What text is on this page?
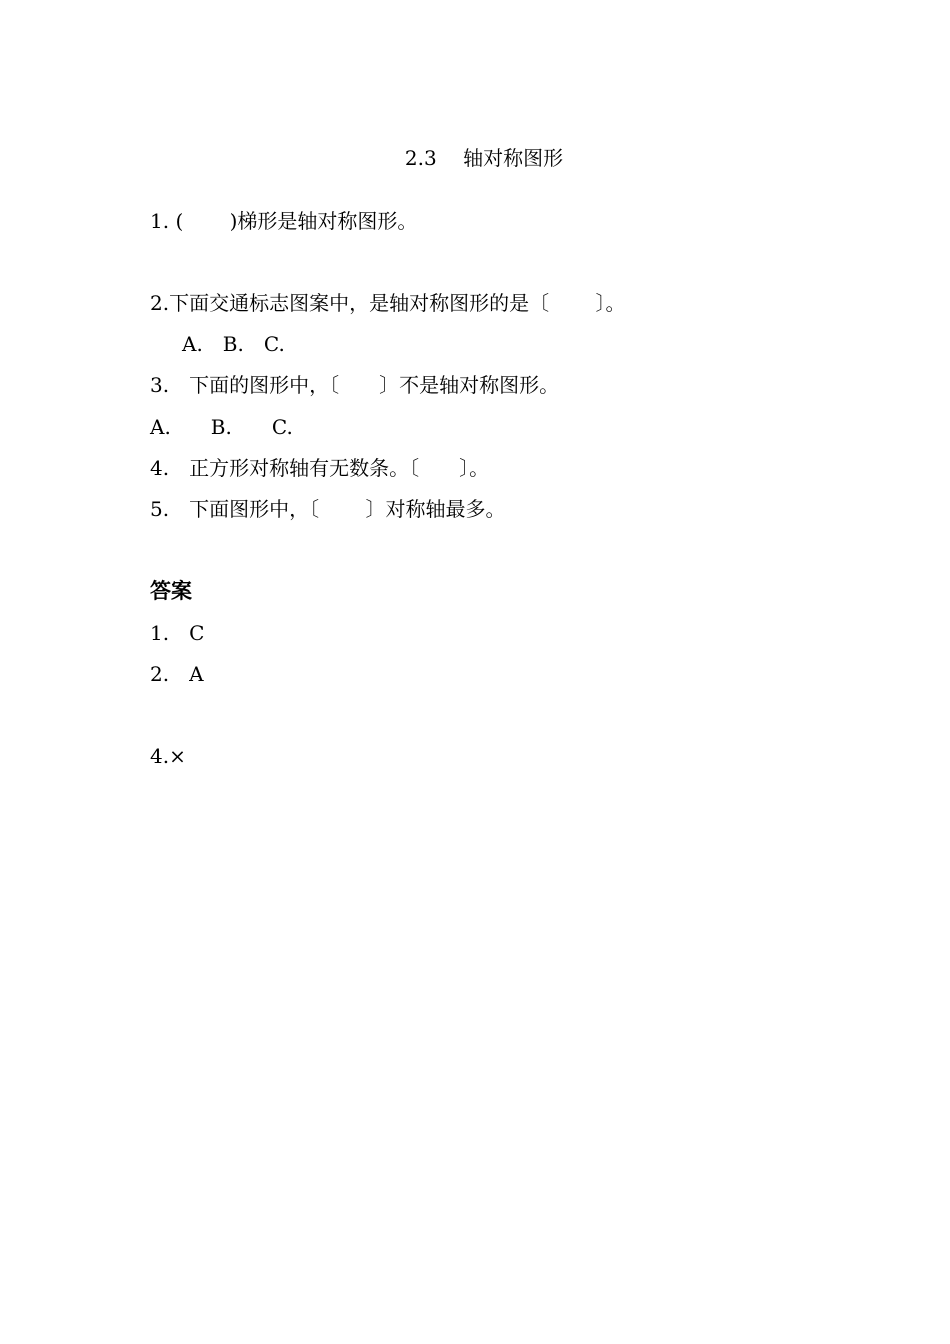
2.3　 轴对称图形
1. (　　 )梯形是轴对称图形。
2.下面交通标志图案中，是轴对称图形的是〔　　 〕。
　A.　B.　C.
3.　下面的图形中，〔　　〕不是轴对称图形。
A.　　B.　　C.
4.　正方形对称轴有无数条。〔　　〕。
5.　下面图形中，〔　　 〕对称轴最多。
答案
1.　C
2.　A
4.×
